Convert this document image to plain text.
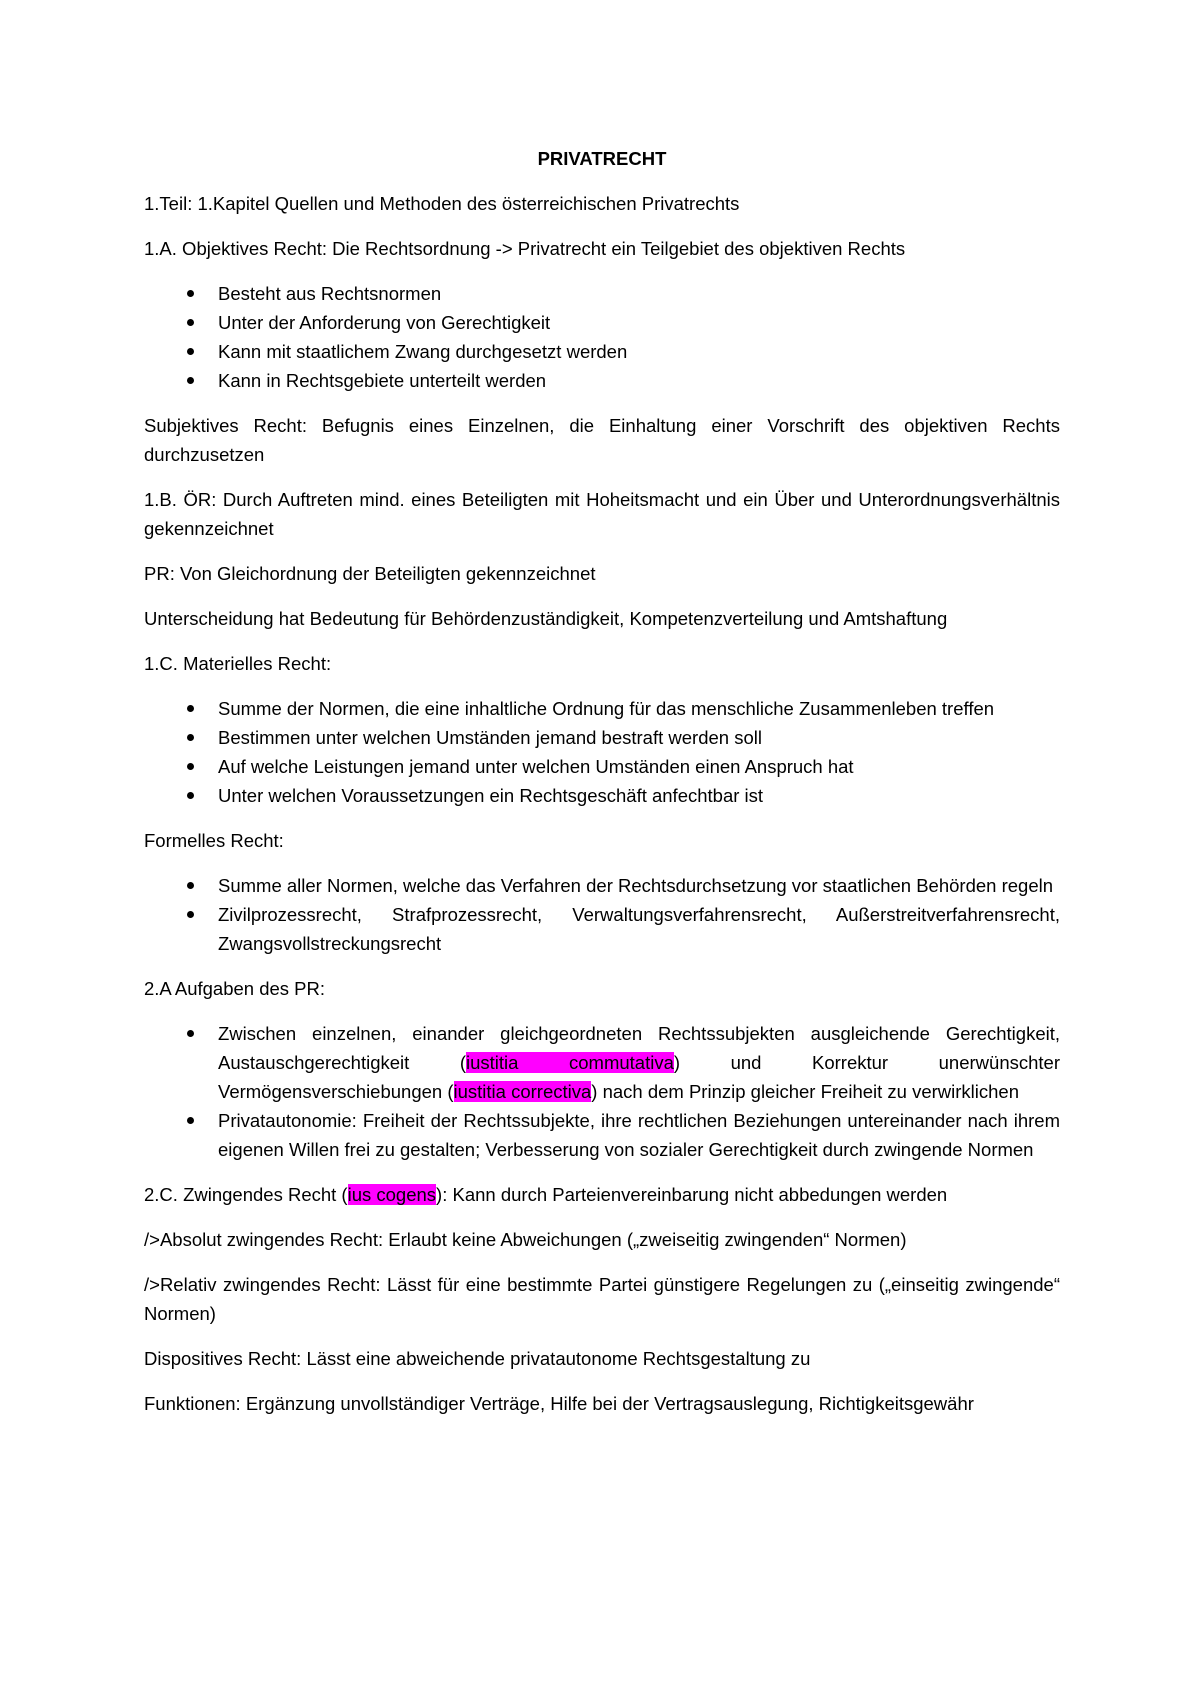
PRIVATRECHT

1.Teil: 1.Kapitel Quellen und Methoden des österreichischen Privatrechts

1.A. Objektives Recht: Die Rechtsordnung -> Privatrecht ein Teilgebiet des objektiven Rechts

Besteht aus Rechtsnormen
Unter der Anforderung von Gerechtigkeit
Kann mit staatlichem Zwang durchgesetzt werden
Kann in Rechtsgebiete unterteilt werden

Subjektives Recht: Befugnis eines Einzelnen, die Einhaltung einer Vorschrift des objektiven Rechts durchzusetzen

1.B. ÖR: Durch Auftreten mind. eines Beteiligten mit Hoheitsmacht und ein Über und Unterordnungsverhältnis gekennzeichnet

PR: Von Gleichordnung der Beteiligten gekennzeichnet

Unterscheidung hat Bedeutung für Behördenzuständigkeit, Kompetenzverteilung und Amtshaftung

1.C. Materielles Recht:

Summe der Normen, die eine inhaltliche Ordnung für das menschliche Zusammenleben treffen
Bestimmen unter welchen Umständen jemand bestraft werden soll
Auf welche Leistungen jemand unter welchen Umständen einen Anspruch hat
Unter welchen Voraussetzungen ein Rechtsgeschäft anfechtbar ist

Formelles Recht:

Summe aller Normen, welche das Verfahren der Rechtsdurchsetzung vor staatlichen Behörden regeln
Zivilprozessrecht, Strafprozessrecht, Verwaltungsverfahrensrecht, Außerstreitverfahrensrecht, Zwangsvollstreckungsrecht

2.A Aufgaben des PR:

Zwischen einzelnen, einander gleichgeordneten Rechtssubjekten ausgleichende Gerechtigkeit, Austauschgerechtigkeit (iustitia commutativa) und Korrektur unerwünschter Vermögensverschiebungen (iustitia correctiva) nach dem Prinzip gleicher Freiheit zu verwirklichen
Privatautonomie: Freiheit der Rechtssubjekte, ihre rechtlichen Beziehungen untereinander nach ihrem eigenen Willen frei zu gestalten; Verbesserung von sozialer Gerechtigkeit durch zwingende Normen

2.C. Zwingendes Recht (ius cogens): Kann durch Parteienvereinbarung nicht abbedungen werden

/>Absolut zwingendes Recht: Erlaubt keine Abweichungen („zweiseitig zwingenden“ Normen)

/>Relativ zwingendes Recht: Lässt für eine bestimmte Partei günstigere Regelungen zu („einseitig zwingende“ Normen)

Dispositives Recht: Lässt eine abweichende privatautonome Rechtsgestaltung zu

Funktionen: Ergänzung unvollständiger Verträge, Hilfe bei der Vertragsauslegung, Richtigkeitsgewähr
